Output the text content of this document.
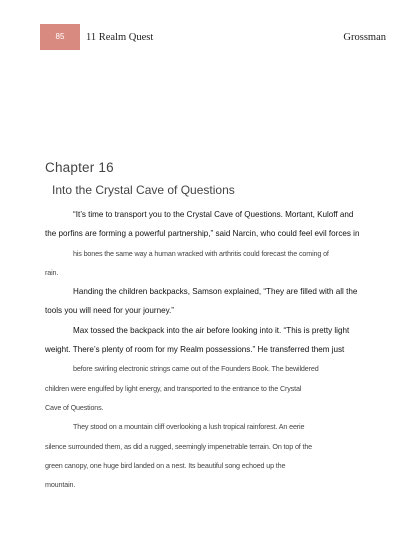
85	11 Realm Quest	Grossman
Chapter 16
Into the Crystal Cave of Questions

“It’s time to transport you to the Crystal Cave of Questions. Mortant, Kuloff and
the porfins are forming a powerful partnership,” said Narcin, who could feel evil forces in

his bones the same way a human wracked with arthritis could forecast the coming of
rain.

Handing the children backpacks, Samson explained, “They are filled with all the
tools you will need for your journey.”

Max tossed the backpack into the air before looking into it. “This is pretty light
weight. There’s plenty of room for my Realm possessions.” He transferred them just

before swirling electronic strings came out of the Founders Book. The bewildered
children were engulfed by light energy, and transported to the entrance to the Crystal
Cave of Questions.

They stood on a mountain cliff overlooking a lush tropical rainforest. An eerie
silence surrounded them, as did a rugged, seemingly impenetrable terrain. On top of the
green canopy, one huge bird landed on a nest. Its beautiful song echoed up the
mountain.
